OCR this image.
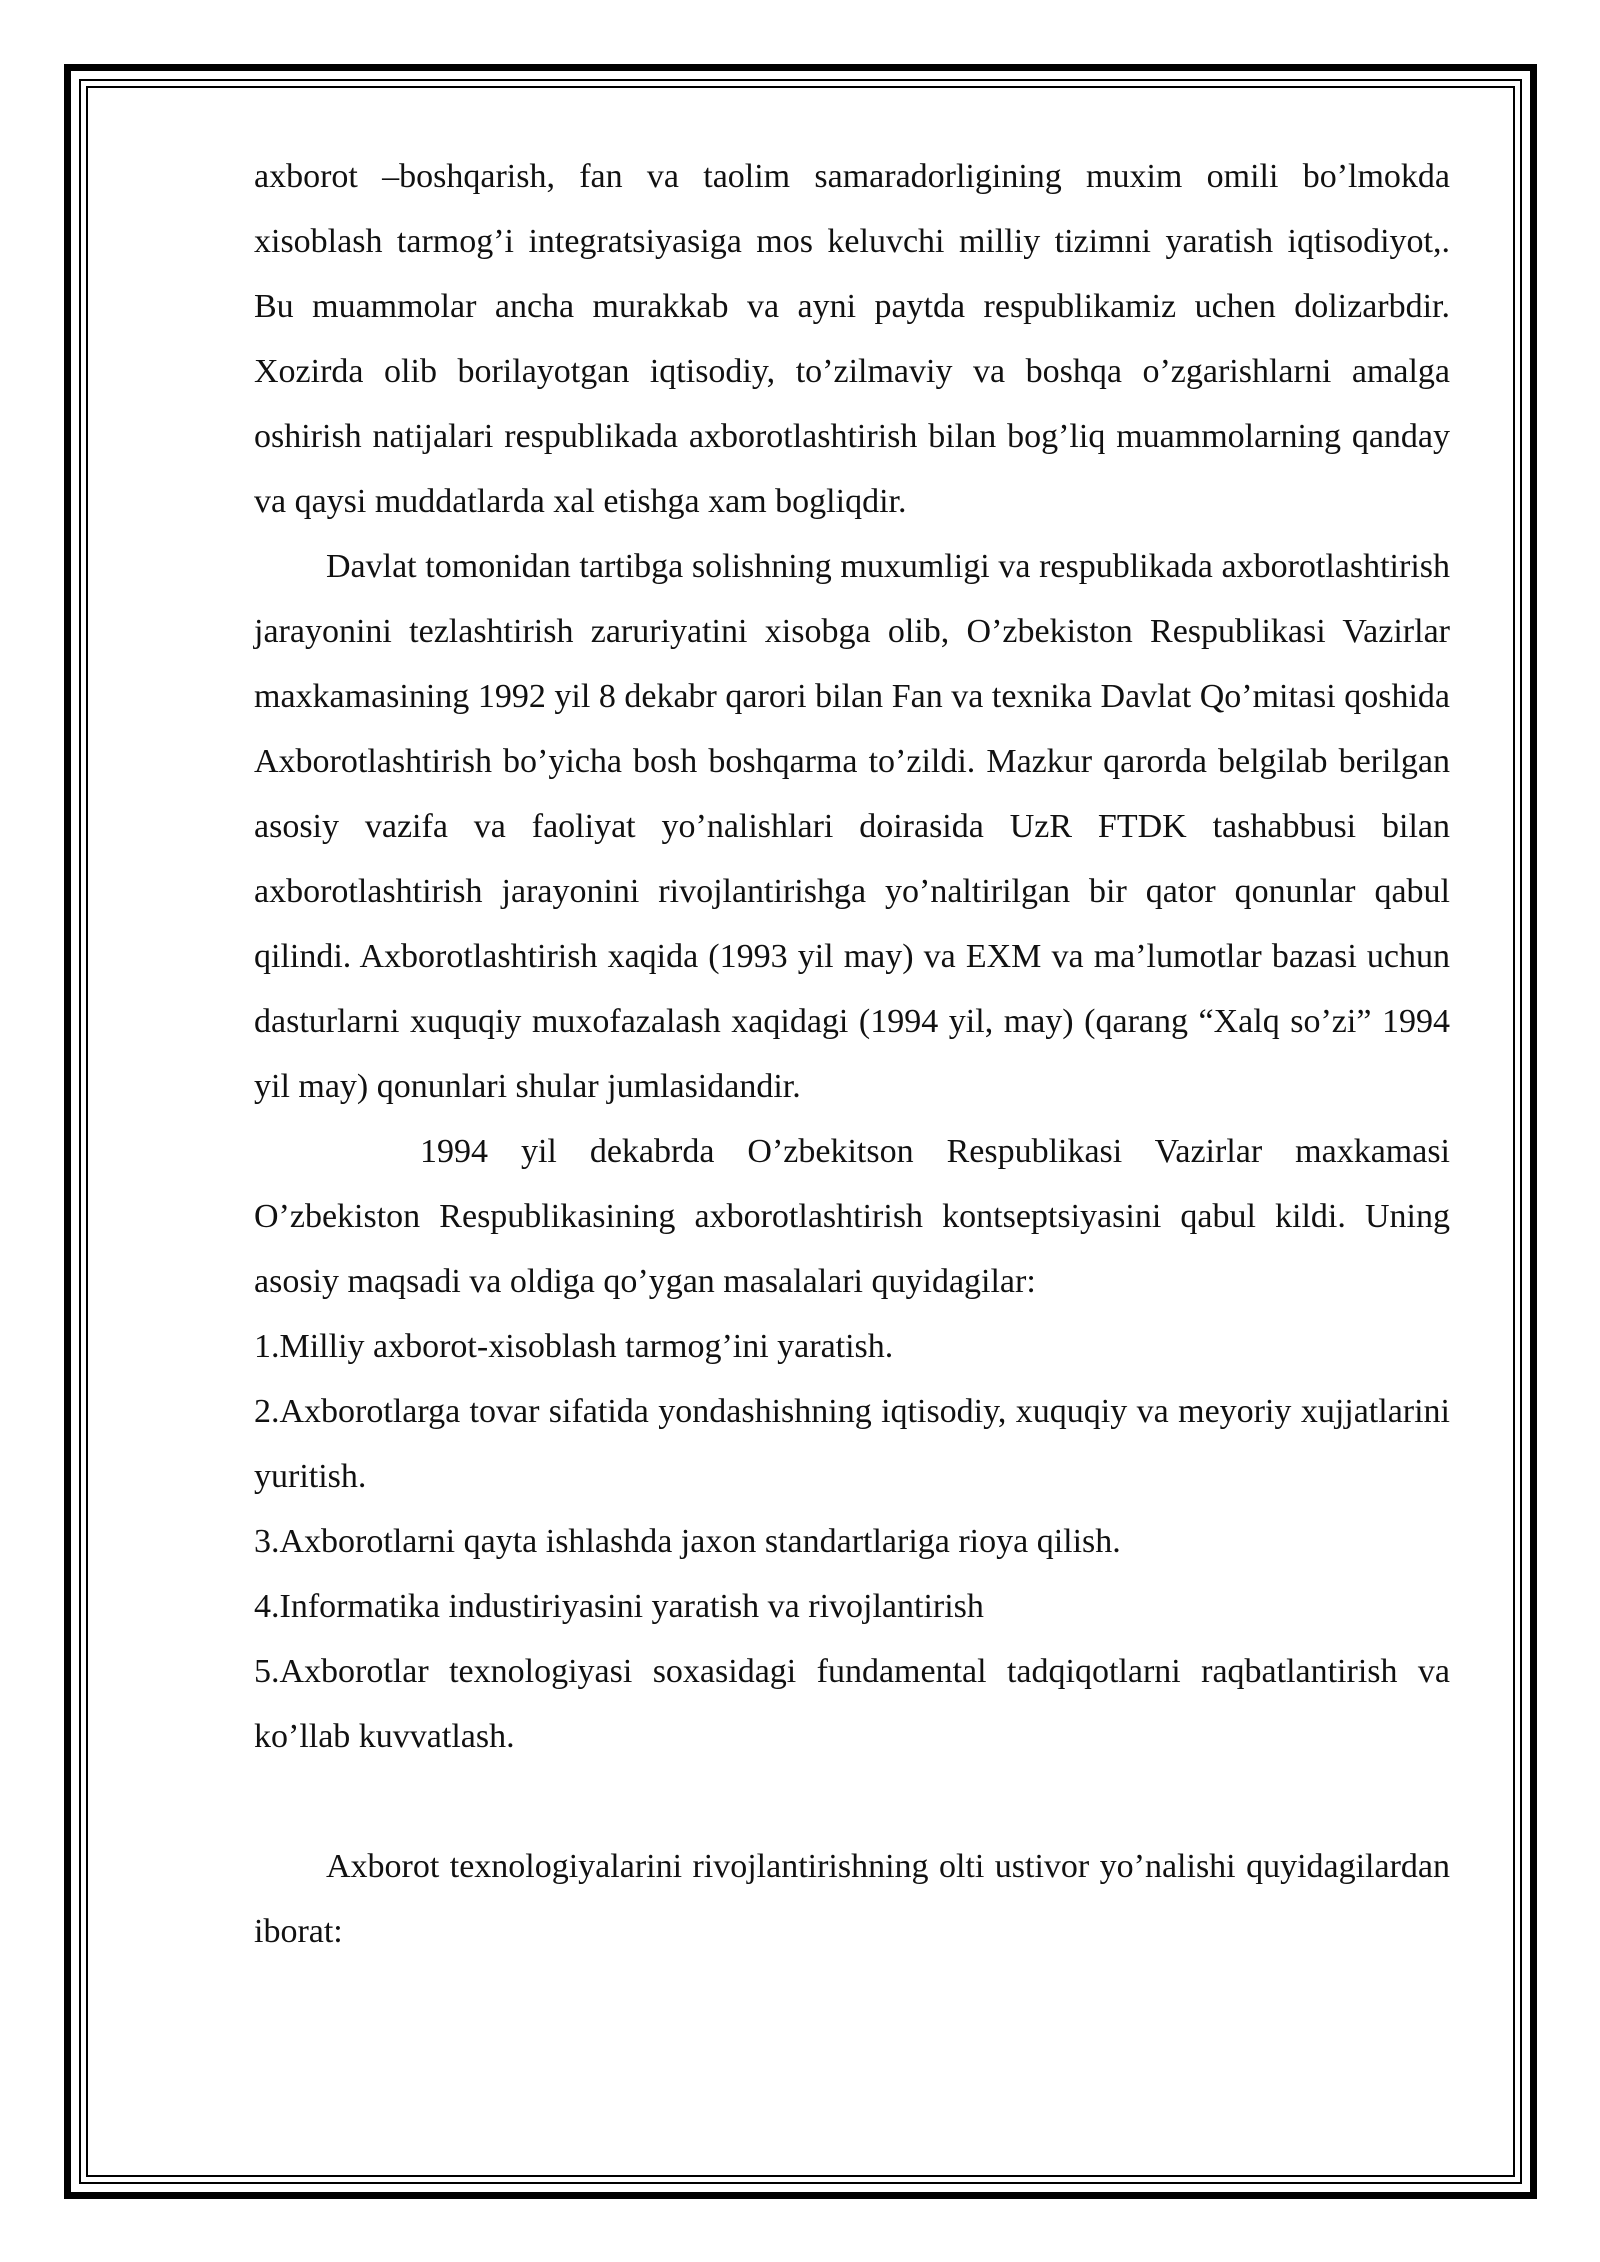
axborot –boshqarish, fan va taolim samaradorligining muxim omili bo’lmokda xisoblash tarmog’i integratsiyasiga mos keluvchi milliy tizimni yaratish iqtisodiyot,. Bu muammolar ancha murakkab va ayni paytda respublikamiz uchen dolizarbdir. Xozirda olib borilayotgan iqtisodiy, to’zilmaviy va boshqa o’zgarishlarni amalga oshirish natijalari respublikada axborotlashtirish bilan bog’liq muammolarning qanday va qaysi muddatlarda xal etishga xam bogliqdir.

Davlat tomonidan tartibga solishning muxumligi va respublikada axborotlashtirish jarayonini tezlashtirish zaruriyatini xisobga olib, O’zbekiston Respublikasi Vazirlar maxkamasining 1992 yil 8 dekabr qarori bilan Fan va texnika Davlat Qo’mitasi qoshida Axborotlashtirish bo’yicha bosh boshqarma to’zildi. Mazkur qarorda belgilab berilgan asosiy vazifa va faoliyat yo’nalishlari doirasida UzR FTDK tashabbusi bilan axborotlashtirish jarayonini rivojlantirishga yo’naltirilgan bir qator qonunlar qabul qilindi. Axborotlashtirish xaqida (1993 yil may) va EXM va ma’lumotlar bazasi uchun dasturlarni xuquqiy muxofazalash xaqidagi (1994 yil, may) (qarang “Xalq so’zi” 1994 yil may) qonunlari shular jumlasidandir.

1994 yil dekabrda O’zbekitson Respublikasi Vazirlar maxkamasi O’zbekiston Respublikasining axborotlashtirish kontseptsiyasini qabul kildi. Uning asosiy maqsadi va oldiga qo’ygan masalalari quyidagilar:

1.Milliy axborot-xisoblash tarmog’ini yaratish.

2.Axborotlarga tovar sifatida yondashishning iqtisodiy, xuquqiy va meyoriy xujjatlarini yuritish.

3.Axborotlarni qayta ishlashda jaxon standartlariga rioya qilish.

4.Informatika industiriyasini yaratish va rivojlantirish

5.Axborotlar texnologiyasi soxasidagi fundamental tadqiqotlarni raqbatlantirish va ko’llab kuvvatlash.

Axborot texnologiyalarini rivojlantirishning olti ustivor yo’nalishi quyidagilardan iborat:
